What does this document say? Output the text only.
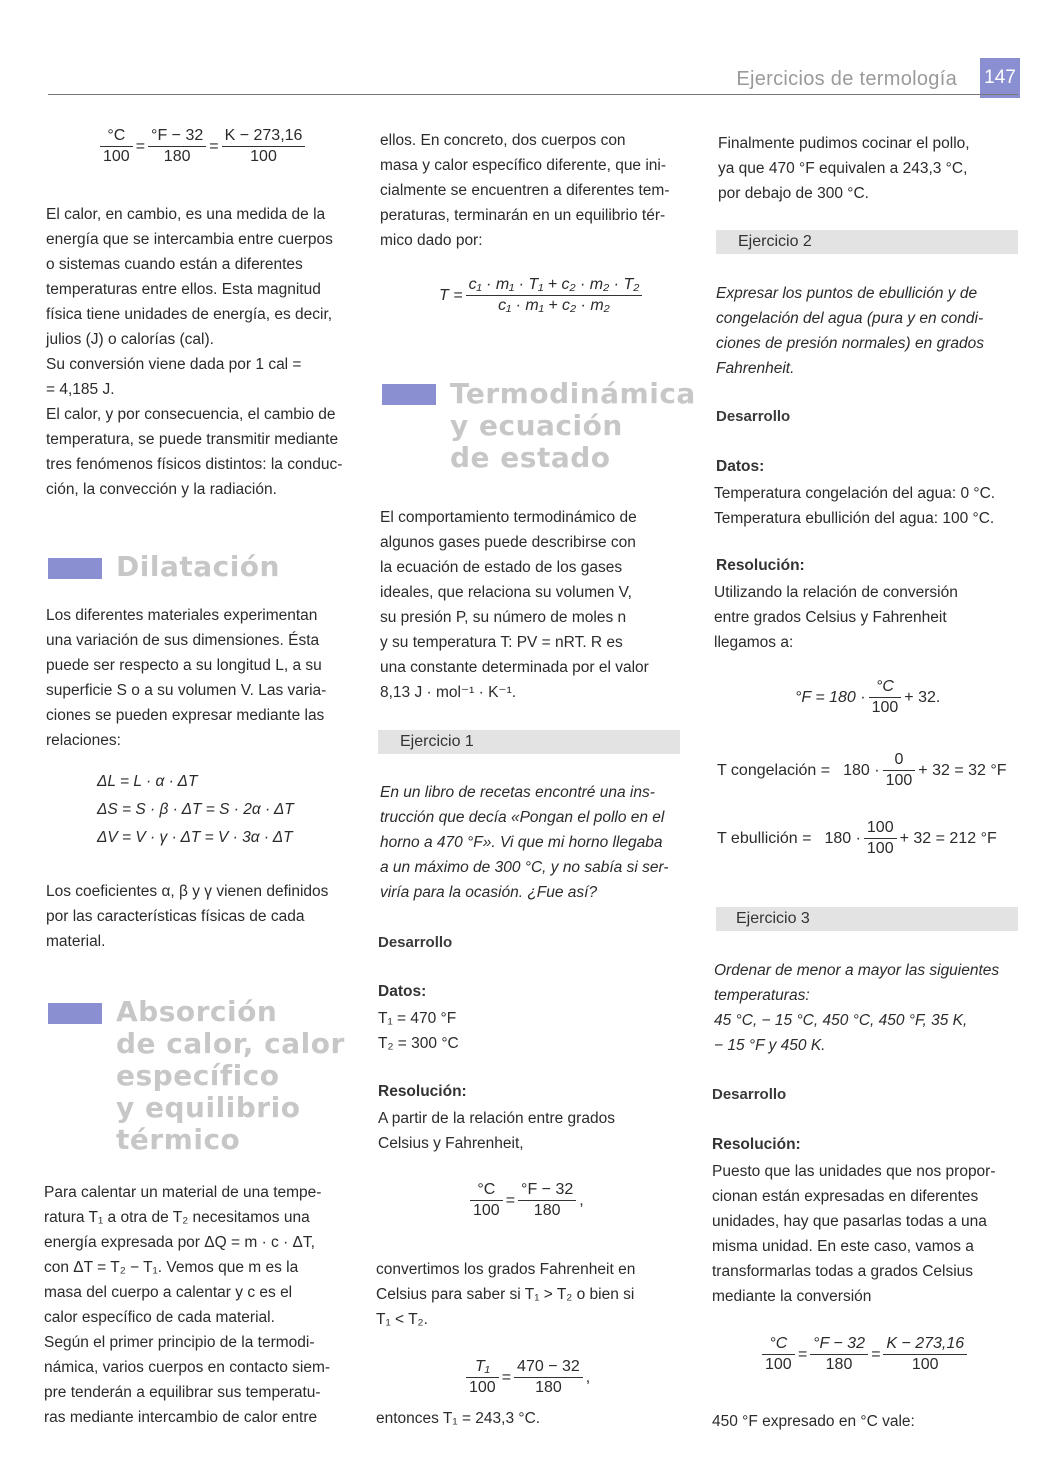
Ejercicios de termología 147
$\frac{^\circ C}{100} = \frac{^\circ F - 32}{180} = \frac{K - 273,16}{100}$

El calor, en cambio, es una medida de la

energía que se intercambia entre cuerpos

o sistemas cuando están a diferentes

temperaturas entre ellos. Esta magnitud

física tiene unidades de energía, es decir,

julios (J) o calorías (cal).

Su conversión viene dada por 1 cal =

= 4,185 J.

El calor, y por consecuencia, el cambio de

temperatura, se puede transmitir mediante

tres fenómenos físicos distintos: la conduc-

ción, la convección y la radiación.

Dilatación

Los diferentes materiales experimentan

una variación de sus dimensiones. Ésta

puede ser respecto a su longitud L, a su

superficie S o a su volumen V. Las varia-

ciones se pueden expresar mediante las

relaciones:

ΔL = L · α · ΔT

ΔS = S · β · ΔT = S · 2α · ΔT

ΔV = V · γ · ΔT = V · 3α · ΔT

Los coeficientes α, β y γ vienen definidos

por las características físicas de cada

material.

Absorción
de calor, calor
específico
y equilibrio
térmico

Para calentar un material de una tempe-

ratura T₁ a otra de T₂ necesitamos una

energía expresada por ΔQ = m · c · ΔT,

con ΔT = T₂ − T₁. Vemos que m es la

masa del cuerpo a calentar y c es el

calor específico de cada material.

Según el primer principio de la termodi-

námica, varios cuerpos en contacto siem-

pre tenderán a equilibrar sus temperatu-

ras mediante intercambio de calor entre

ellos. En concreto, dos cuerpos con

masa y calor específico diferente, que ini-

cialmente se encuentren a diferentes tem-

peraturas, terminarán en un equilibrio tér-

mico dado por:

$T = \frac{\text{c₁ · m₁ · T₁ + c₂ · m₂ · T₂}}{\text{c₁ · m₁ + c₂ · m₂}}$
Termodinámica
y ecuación
de estado

El comportamiento termodinámico de

algunos gases puede describirse con

la ecuación de estado de los gases

ideales, que relaciona su volumen V,

su presión P, su número de moles n

y su temperatura T: PV = nRT. R es

una constante determinada por el valor

8,13 J · mol⁻¹ · K⁻¹.

Ejercicio 1

En un libro de recetas encontré una ins-

trucción que decía «Pongan el pollo en el

horno a 470 °F». Vi que mi horno llegaba

a un máximo de 300 °C, y no sabía si ser-

viría para la ocasión. ¿Fue así?

Desarrollo
Datos:

T₁ = 470 °F

T₂ = 300 °C

Resolución:

A partir de la relación entre grados

Celsius y Fahrenheit,

$\frac{^\circ C}{100} = \frac{^\circ F - 32}{180}$ ,

convertimos los grados Fahrenheit en

Celsius para saber si T₁ > T₂ o bien si

T₁ < T₂.

$\frac{\text{T₁}}{100} = \frac{470 - 32}{180}$ ,

entonces T₁ = 243,3 °C.

Finalmente pudimos cocinar el pollo,

ya que 470 °F equivalen a 243,3 °C,

por debajo de 300 °C.

Ejercicio 2

Expresar los puntos de ebullición y de

congelación del agua (pura y en condi-

ciones de presión normales) en grados

Fahrenheit.

Desarrollo
Datos:

Temperatura congelación del agua: 0 °C.

Temperatura ebullición del agua: 100 °C.

Resolución:

Utilizando la relación de conversión

entre grados Celsius y Fahrenheit

llegamos a:

$^\circ F = 180 \cdot \frac{^\circ C}{100} + 32$.
T congelación = $180 \cdot \frac{0}{100} + 32 = 32$ °F
T ebullición = $180 \cdot \frac{100}{100} + 32 = 212$ °F
Ejercicio 3

Ordenar de menor a mayor las siguientes

temperaturas:

45 °C, − 15 °C, 450 °C, 450 °F, 35 K,

− 15 °F y 450 K.

Desarrollo
Resolución:

Puesto que las unidades que nos propor-

cionan están expresadas en diferentes

unidades, hay que pasarlas todas a una

misma unidad. En este caso, vamos a

transformarlas todas a grados Celsius

mediante la conversión

$\frac{^\circ C}{100} = \frac{^\circ F - 32}{180} = \frac{K - 273,16}{100}$

450 °F expresado en °C vale:
